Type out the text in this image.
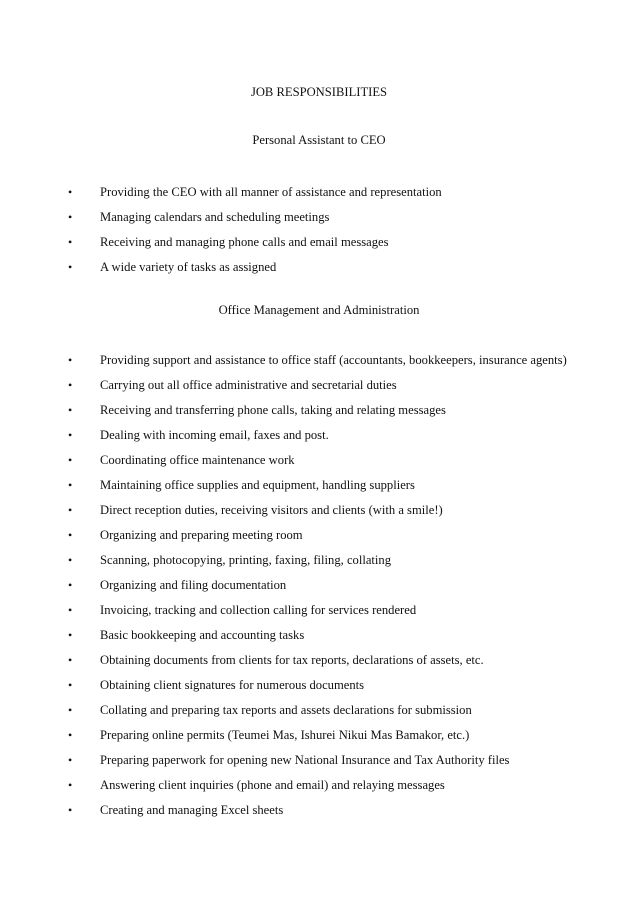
JOB RESPONSIBILITIES
Personal Assistant to CEO
• Providing the CEO with all manner of assistance and representation
• Managing calendars and scheduling meetings
• Receiving and managing phone calls and email messages
• A wide variety of tasks as assigned
Office Management and Administration
• Providing support and assistance to office staff (accountants, bookkeepers, insurance agents)
• Carrying out all office administrative and secretarial duties
• Receiving and transferring phone calls, taking and relating messages
• Dealing with incoming email, faxes and post.
• Coordinating office maintenance work
• Maintaining office supplies and equipment, handling suppliers
• Direct reception duties, receiving visitors and clients (with a smile!)
• Organizing and preparing meeting room
• Scanning, photocopying, printing, faxing, filing, collating
• Organizing and filing documentation
• Invoicing, tracking and collection calling for services rendered
• Basic bookkeeping and accounting tasks
• Obtaining documents from clients for tax reports, declarations of assets, etc.
• Obtaining client signatures for numerous documents
• Collating and preparing tax reports and assets declarations for submission
• Preparing online permits (Teumei Mas, Ishurei Nikui Mas Bamakor, etc.)
• Preparing paperwork for opening new National Insurance and Tax Authority files
• Answering client inquiries (phone and email) and relaying messages
• Creating and managing Excel sheets
